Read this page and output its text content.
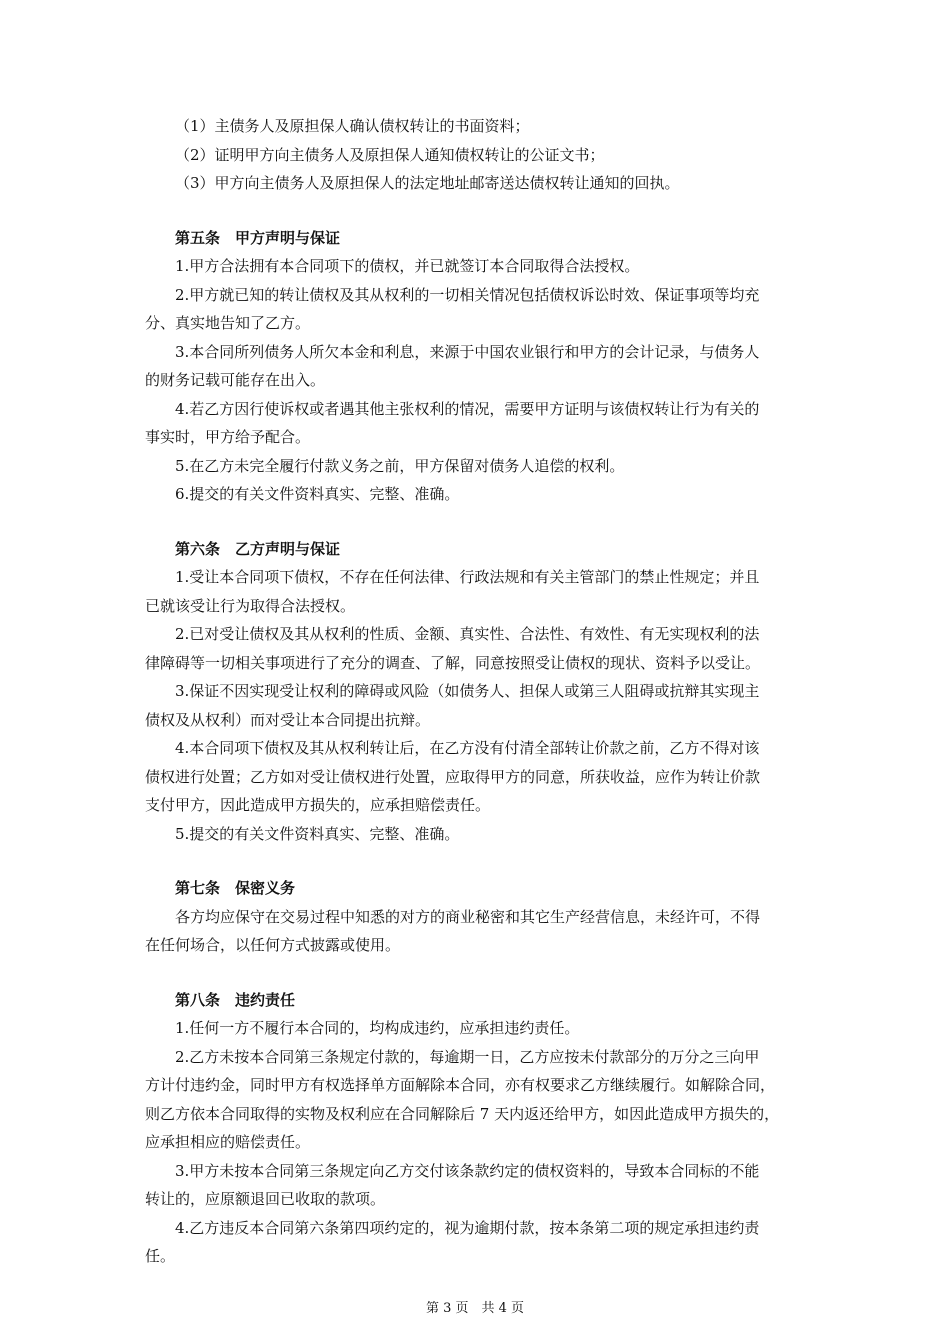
（1）主债务人及原担保人确认债权转让的书面资料；
（2）证明甲方向主债务人及原担保人通知债权转让的公证文书；
（3）甲方向主债务人及原担保人的法定地址邮寄送达债权转让通知的回执。
第五条　甲方声明与保证
1.甲方合法拥有本合同项下的债权，并已就签订本合同取得合法授权。
2.甲方就已知的转让债权及其从权利的一切相关情况包括债权诉讼时效、保证事项等均充
分、真实地告知了乙方。
3.本合同所列债务人所欠本金和利息，来源于中国农业银行和甲方的会计记录，与债务人
的财务记载可能存在出入。
4.若乙方因行使诉权或者遇其他主张权利的情况，需要甲方证明与该债权转让行为有关的
事实时，甲方给予配合。
5.在乙方未完全履行付款义务之前，甲方保留对债务人追偿的权利。
6.提交的有关文件资料真实、完整、准确。
第六条　乙方声明与保证
1.受让本合同项下债权，不存在任何法律、行政法规和有关主管部门的禁止性规定；并且
已就该受让行为取得合法授权。
2.已对受让债权及其从权利的性质、金额、真实性、合法性、有效性、有无实现权利的法
律障碍等一切相关事项进行了充分的调查、了解，同意按照受让债权的现状、资料予以受让。
3.保证不因实现受让权利的障碍或风险（如债务人、担保人或第三人阻碍或抗辩其实现主
债权及从权利）而对受让本合同提出抗辩。
4.本合同项下债权及其从权利转让后，在乙方没有付清全部转让价款之前，乙方不得对该
债权进行处置；乙方如对受让债权进行处置，应取得甲方的同意，所获收益，应作为转让价款
支付甲方，因此造成甲方损失的，应承担赔偿责任。
5.提交的有关文件资料真实、完整、准确。
第七条　保密义务
各方均应保守在交易过程中知悉的对方的商业秘密和其它生产经营信息，未经许可，不得
在任何场合，以任何方式披露或使用。
第八条　违约责任
1.任何一方不履行本合同的，均构成违约，应承担违约责任。
2.乙方未按本合同第三条规定付款的，每逾期一日，乙方应按未付款部分的万分之三向甲
方计付违约金，同时甲方有权选择单方面解除本合同，亦有权要求乙方继续履行。如解除合同，
则乙方依本合同取得的实物及权利应在合同解除后 7 天内返还给甲方，如因此造成甲方损失的，
应承担相应的赔偿责任。
3.甲方未按本合同第三条规定向乙方交付该条款约定的债权资料的，导致本合同标的不能
转让的，应原额退回已收取的款项。
4.乙方违反本合同第六条第四项约定的，视为逾期付款，按本条第二项的规定承担违约责
任。
第 3 页　共 4 页
